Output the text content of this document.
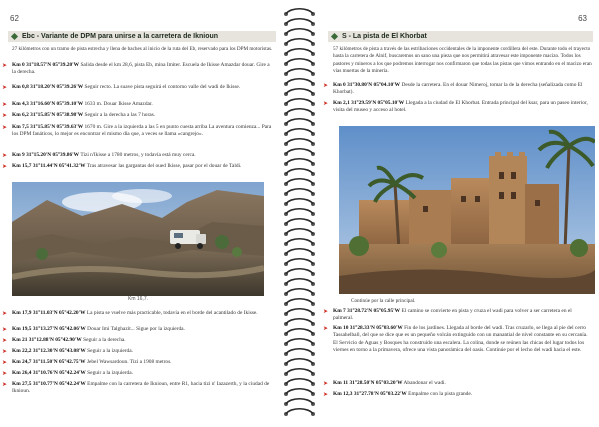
62
Ebc - Variante de DPM para unirse a la carretera de Iknioun
27 kilómetros con un tramo de pista estrecha y llena de baches al inicio de la ruta del Eb, reservado para los DPM motoristas.
➤ Km 0 31°18.57'N 05°39.20'W Salida desde el km 28,6, pista Eb, mina Imiter. Escuela de Ikisse Amazdar douar. Gire a la derecha.
➤ Km 0,8 31°18.20'N 05°39.26'W Seguir recto. La suave pista seguirá el contorno valle del wadi de Ikisse.
➤ Km 4,3 31°16.60'N 05°39.10'W 1633 m. Douar Ikisse Amazdar.
➤ Km 6,2 31°15.85'N 05°38.98'W Seguir a la derecha a las 7 horas.
➤ Km 7,5 31°15.85'N 05°39.63'W 1670 m. Gire a la izquierda a las 5 en punto cuesta arriba La aventura comienza... Para los DPM fanáticos, lo mejor es encontrar el mismo día que, a veces se llama «cangrejo».
➤ Km 9 31°15.20'N 05°39.86'W Tizi n'Ikisse a 1780 metros, y todavía está muy cerca.
➤ Km 15,7 31°11.44'N 05°41.32'W Tras atravesar las gargantas del oued Ikisse, pasar por el douar de Taldi.
Km 16,7.
➤ Km 17,9 31°11.03'N 05°42.20'W La pista se vuelve más practicable, todavía en el borde del acantilado de Ikisse.
➤ Km 19,5 31°13.27'N 05°42.06'W Douar Imi Talghazit... Sigue por la izquierda.
➤ Km 21 31°12.88'N 05°42.90'W Seguir a la derecha.
➤ Km 22,2 31°12.30'N 05°43.08'W Seguir a la izquierda.
➤ Km 24,7 31°11.50'N 05°42.75'W Jebel Wawsardoun. Tizi a 1908 metros.
➤ Km 26,4 31°10.76'N 05°42.24'W Seguir a la izquierda.
➤ Km 27,5 31°10.77'N 05°42.24'W Empalme con la carretera de Iknioun, entre R1, hacia tizi n' Iazazerth, y la ciudad de Iknioun.
63
S - La pista de El Khorbat
57 kilómetros de pista a través de las estribaciones occidentales de la imponente cordillera del este. Durante todo el trayecto hasta la carretera de Alnif, buscaremos un sano una pieza que nos permitirá atravesar este imponente macizo. Todos los pastores y mineros a los que podremos interrogar nos confirmaron que todas las pistas que vimos entrando en el macizo eran vías muertas de la minería.
➤ Km 0 31°30.80'N 05°04.10'W Desde la carretera. En el douar Nimeroj, tomar la de la derecha (señalizada como El Khorbat).
➤ Km 2,1 31°29.59'N 05°05.10'W Llegada a la ciudad de El Khorbat. Entrada principal del ksar, para un paseo interior, visita del museo y acceso al hotel.
Continúe por la calle principal.
➤ Km 7 31°28.72'N 05°05.95'W El camino se convierte en pista y cruza el wadi para volver a ser carretera en el palmeral.
➤ Km 10 31°28.33'N 05°03.60'W Fin de los jardines. Llegada al borde del wadi. Tras cruzarlo, se llega al pie del cerro Tassahelball, del que se dice que es un pequeño volcán extinguido con un manantial de nivel constante en su cercanía. El Servicio de Aguas y Bosques ha construido una escalera. La colina, donde se reúnen las chicas del lugar todos los viernes en torno a la primavera, ofrece una vista panorámica del oasis. Continúe por el lecho del wadi hacia el este.
➤ Km 11 31°28.50'N 05°03.20'W Abandonar el wadi.
➤ Km 12,3 31°27.78'N 05°03.22'W Empalme con la pista grande.
